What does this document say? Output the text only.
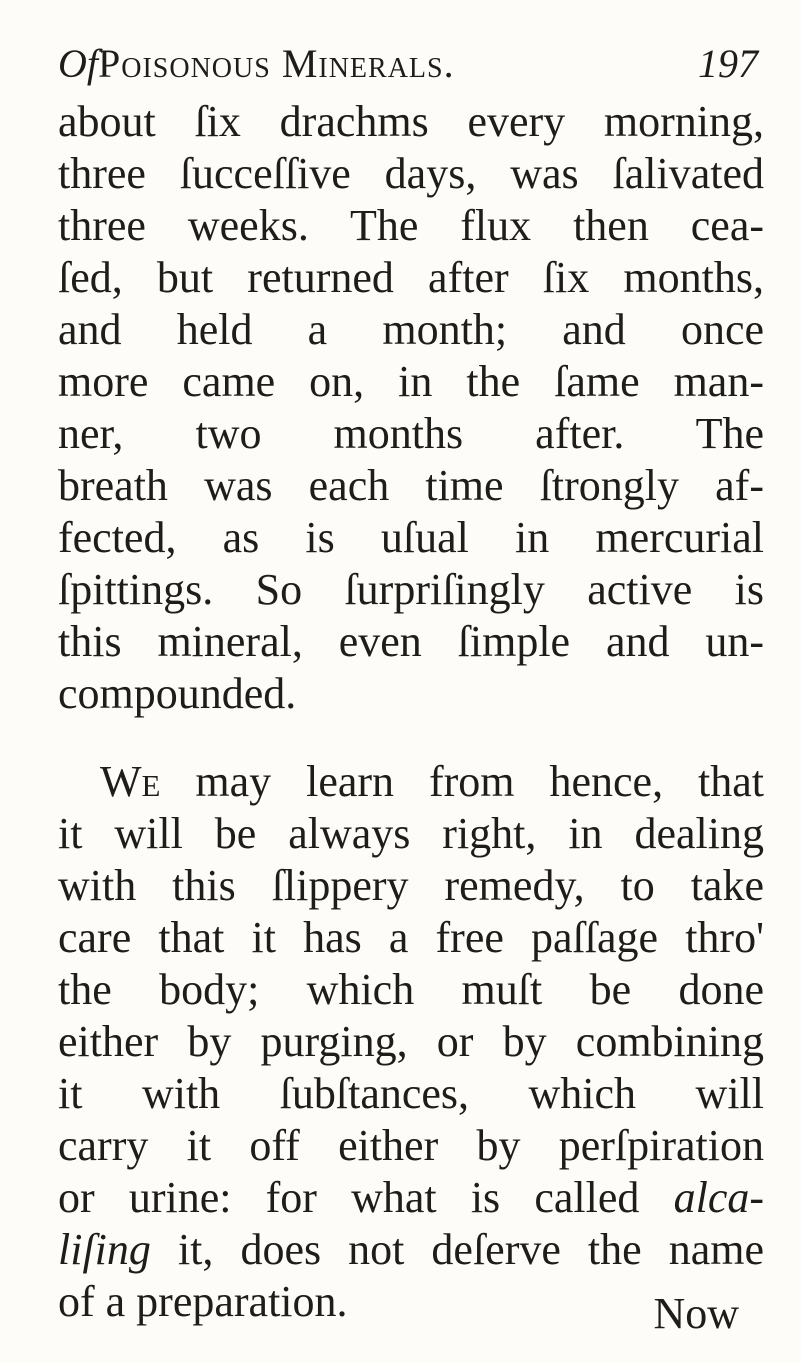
OfPoisonous Minerals.	197
about ſix drachms every morning,
three ſucceſſive days, was ſalivated
three weeks. The flux then cea-
ſed, but returned after ſix months,
and held a month; and once
more came on, in the ſame man-
ner, two months after. The
breath was each time ſtrongly af-
fected, as is uſual in mercurial
ſpittings. So ſurpriſingly active is
this mineral, even ſimple and un-
compounded.
We may learn from hence, that
it will be always right, in dealing
with this ſlippery remedy, to take
care that it has a free paſſage thro'
the body; which muſt be done
either by purging, or by combining
it with ſubſtances, which will
carry it off either by perſpiration
or urine: for what is called alca-
liſing it, does not deſerve the name
of a preparation.	Now
